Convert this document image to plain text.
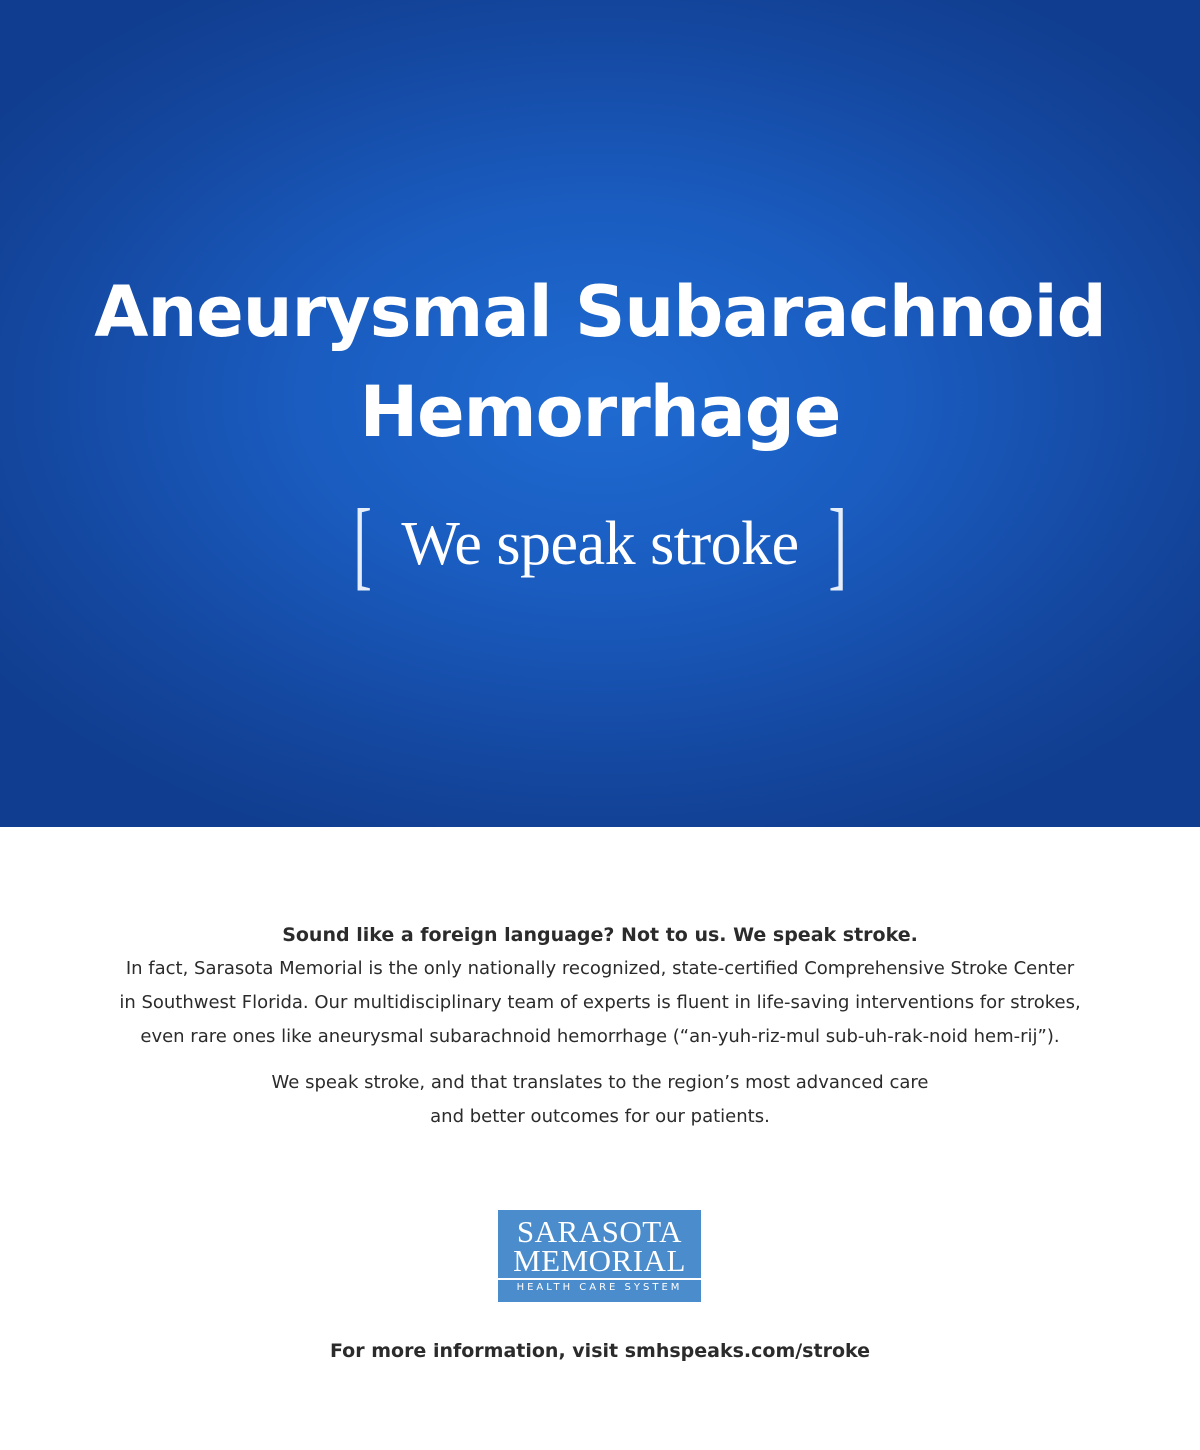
Aneurysmal Subarachnoid
Hemorrhage
[ We speak stroke ]

Sound like a foreign language? Not to us. We speak stroke.

In fact, Sarasota Memorial is the only nationally recognized, state-certified Comprehensive Stroke Center
in Southwest Florida. Our multidisciplinary team of experts is fluent in life-saving interventions for strokes,
even rare ones like aneurysmal subarachnoid hemorrhage (“an-yuh-riz-mul sub-uh-rak-noid hem-rij”).

We speak stroke, and that translates to the region’s most advanced care
and better outcomes for our patients.

SARASOTA
MEMORIAL
HEALTH CARE SYSTEM

For more information, visit smhspeaks.com/stroke
